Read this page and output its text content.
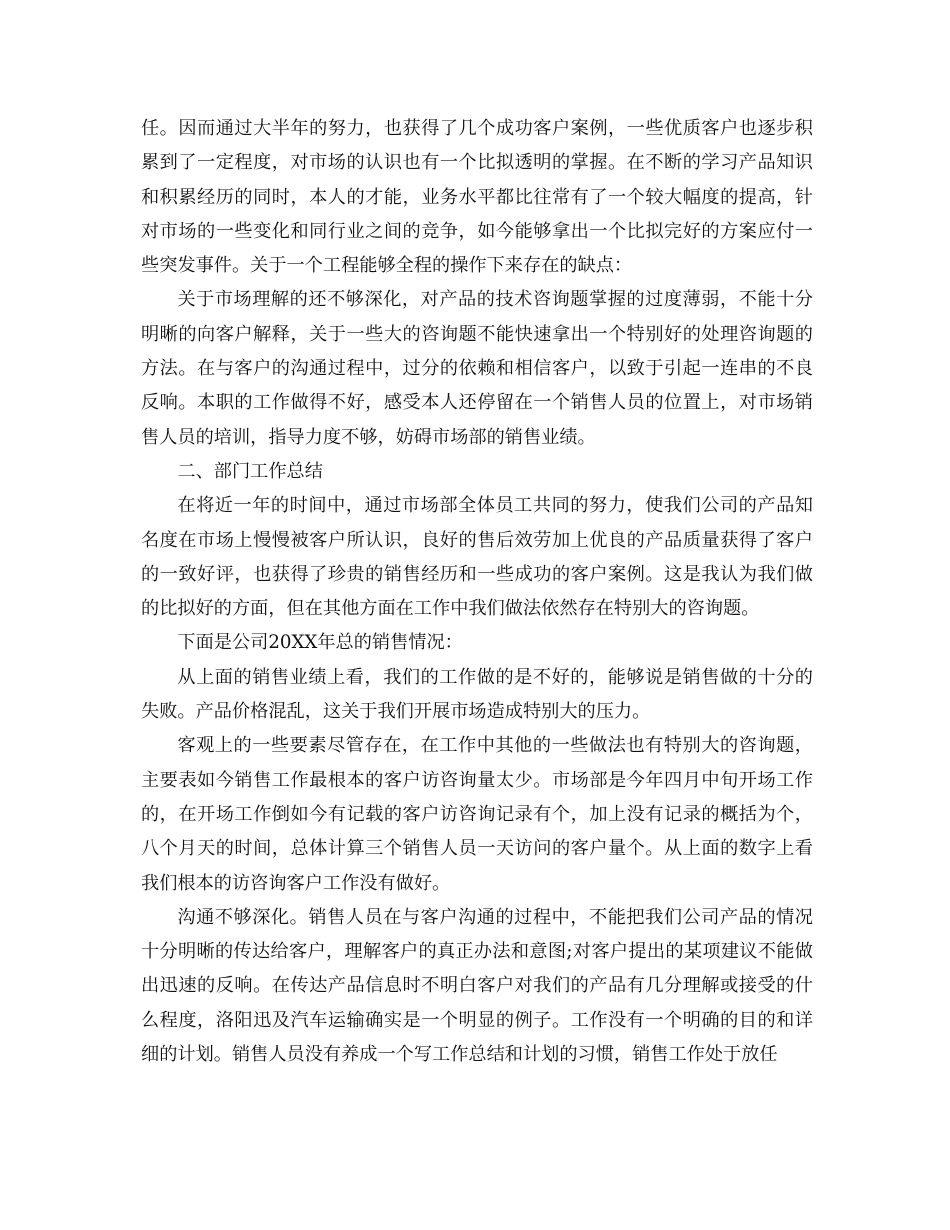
任。因而通过大半年的努力，也获得了几个成功客户案例，一些优质客户也逐步积累到了一定程度，对市场的认识也有一个比拟透明的掌握。在不断的学习产品知识和积累经历的同时，本人的才能，业务水平都比往常有了一个较大幅度的提高，针对市场的一些变化和同行业之间的竞争，如今能够拿出一个比拟完好的方案应付一些突发事件。关于一个工程能够全程的操作下来存在的缺点：

关于市场理解的还不够深化，对产品的技术咨询题掌握的过度薄弱，不能十分明晰的向客户解释，关于一些大的咨询题不能快速拿出一个特别好的处理咨询题的方法。在与客户的沟通过程中，过分的依赖和相信客户，以致于引起一连串的不良反响。本职的工作做得不好，感受本人还停留在一个销售人员的位置上，对市场销售人员的培训，指导力度不够，妨碍市场部的销售业绩。

二、部门工作总结

在将近一年的时间中，通过市场部全体员工共同的努力，使我们公司的产品知名度在市场上慢慢被客户所认识，良好的售后效劳加上优良的产品质量获得了客户的一致好评，也获得了珍贵的销售经历和一些成功的客户案例。这是我认为我们做的比拟好的方面，但在其他方面在工作中我们做法依然存在特别大的咨询题。

下面是公司20XX年总的销售情况：

从上面的销售业绩上看，我们的工作做的是不好的，能够说是销售做的十分的失败。产品价格混乱，这关于我们开展市场造成特别大的压力。

客观上的一些要素尽管存在，在工作中其他的一些做法也有特别大的咨询题，主要表如今销售工作最根本的客户访咨询量太少。市场部是今年四月中旬开场工作的，在开场工作倒如今有记载的客户访咨询记录有个，加上没有记录的概括为个，八个月天的时间，总体计算三个销售人员一天访问的客户量个。从上面的数字上看我们根本的访咨询客户工作没有做好。

沟通不够深化。销售人员在与客户沟通的过程中，不能把我们公司产品的情况十分明晰的传达给客户，理解客户的真正办法和意图;对客户提出的某项建议不能做出迅速的反响。在传达产品信息时不明白客户对我们的产品有几分理解或接受的什么程度，洛阳迅及汽车运输确实是一个明显的例子。工作没有一个明确的目的和详细的计划。销售人员没有养成一个写工作总结和计划的习惯，销售工作处于放任
